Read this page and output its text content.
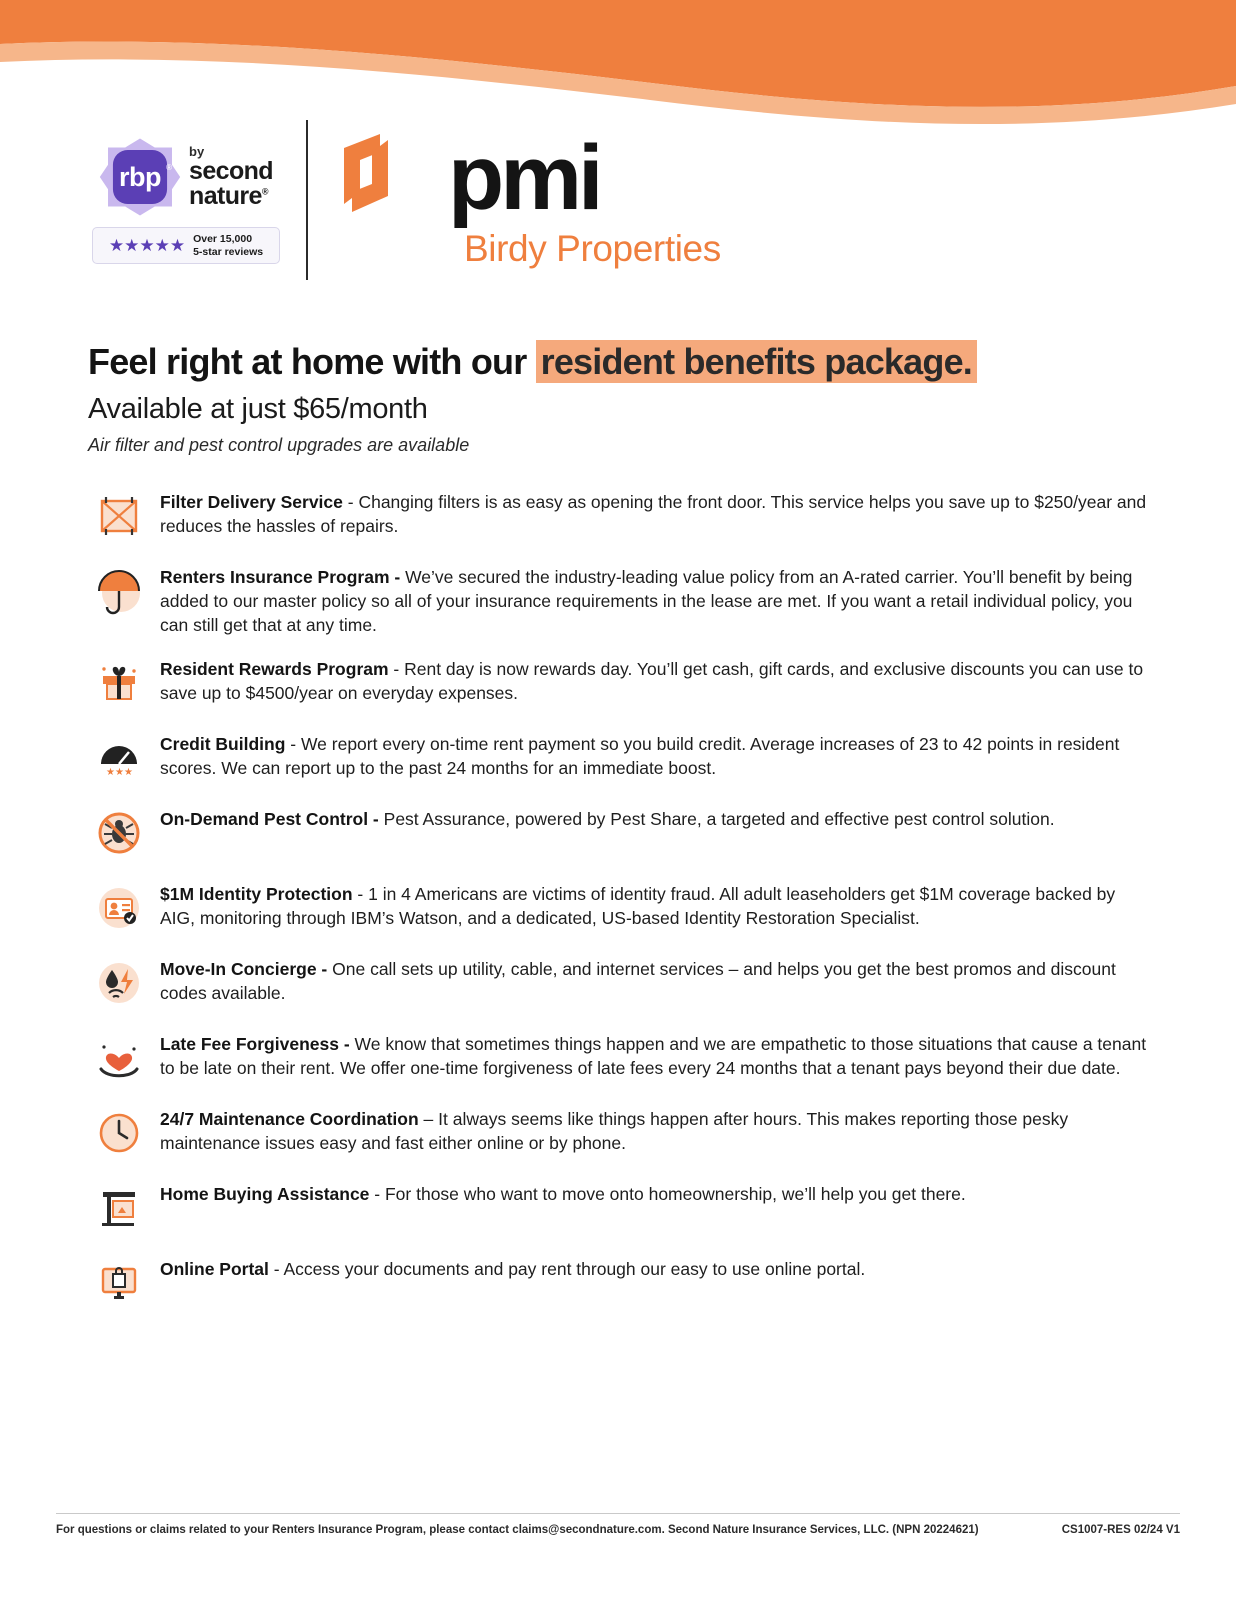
rbp ®
by
second
nature®
★★★★★ Over 15,000
5-star reviews
pmi
Birdy Properties
Feel right at home with our resident benefits package.

Available at just $65/month

Air filter and pest control upgrades are available

Filter Delivery Service - Changing filters is as easy as opening the front door. This service helps you save up to $250/year and reduces the hassles of repairs.
Renters Insurance Program - We’ve secured the industry-leading value policy from an A-rated carrier. You’ll benefit by being added to our master policy so all of your insurance requirements in the lease are met. If you want a retail individual policy, you can still get that at any time.
Resident Rewards Program - Rent day is now rewards day. You’ll get cash, gift cards, and exclusive discounts you can use to save up to $4500/year on everyday expenses.
★ ★ ★
Credit Building - We report every on-time rent payment so you build credit. Average increases of 23 to 42 points in resident scores. We can report up to the past 24 months for an immediate boost.
On-Demand Pest Control - Pest Assurance, powered by Pest Share, a targeted and effective pest control solution.
$1M Identity Protection - 1 in 4 Americans are victims of identity fraud. All adult leaseholders get $1M coverage backed by AIG, monitoring through IBM’s Watson, and a dedicated, US-based Identity Restoration Specialist.
Move-In Concierge - One call sets up utility, cable, and internet services – and helps you get the best promos and discount codes available.
Late Fee Forgiveness - We know that sometimes things happen and we are empathetic to those situations that cause a tenant to be late on their rent. We offer one-time forgiveness of late fees every 24 months that a tenant pays beyond their due date.
24/7 Maintenance Coordination – It always seems like things happen after hours. This makes reporting those pesky maintenance issues easy and fast either online or by phone.
Home Buying Assistance - For those who want to move onto homeownership, we’ll help you get there.
Online Portal - Access your documents and pay rent through our easy to use online portal.
For questions or claims related to your Renters Insurance Program, please contact claims@secondnature.com. Second Nature Insurance Services, LLC. (NPN 20224621)	CS1007-RES 02/24 V1
